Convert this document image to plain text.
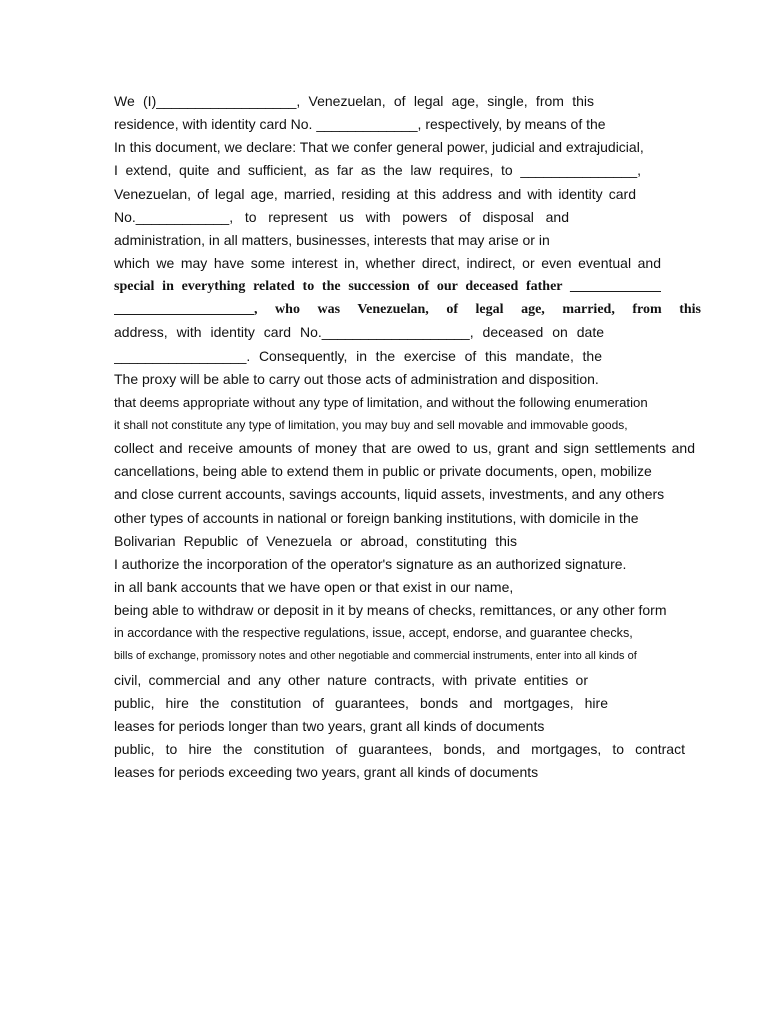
We (I)__________________, Venezuelan, of legal age, single, from this
residence, with identity card No. _____________, respectively, by means of the
In this document, we declare: That we confer general power, judicial and extrajudicial,
I extend, quite and sufficient, as far as the law requires, to _______________,
Venezuelan, of legal age, married, residing at this address and with identity card
No.____________, to represent us with powers of disposal and
administration, in all matters, businesses, interests that may arise or in
which we may have some interest in, whether direct, indirect, or even eventual and
special in everything related to the succession of our deceased father _____________
____________________, who was Venezuelan, of legal age, married, from this
address, with identity card No.___________________, deceased on date
_________________. Consequently, in the exercise of this mandate, the
The proxy will be able to carry out those acts of administration and disposition.
that deems appropriate without any type of limitation, and without the following enumeration
it shall not constitute any type of limitation, you may buy and sell movable and immovable goods,
collect and receive amounts of money that are owed to us, grant and sign settlements and
cancellations, being able to extend them in public or private documents, open, mobilize
and close current accounts, savings accounts, liquid assets, investments, and any others
other types of accounts in national or foreign banking institutions, with domicile in the
Bolivarian Republic of Venezuela or abroad, constituting this
I authorize the incorporation of the operator's signature as an authorized signature.
in all bank accounts that we have open or that exist in our name,
being able to withdraw or deposit in it by means of checks, remittances, or any other form
in accordance with the respective regulations, issue, accept, endorse, and guarantee checks,
bills of exchange, promissory notes and other negotiable and commercial instruments, enter into all kinds of
civil, commercial and any other nature contracts, with private entities or
public, hire the constitution of guarantees, bonds and mortgages, hire
leases for periods longer than two years, grant all kinds of documents
public, to hire the constitution of guarantees, bonds, and mortgages, to contract
leases for periods exceeding two years, grant all kinds of documents
